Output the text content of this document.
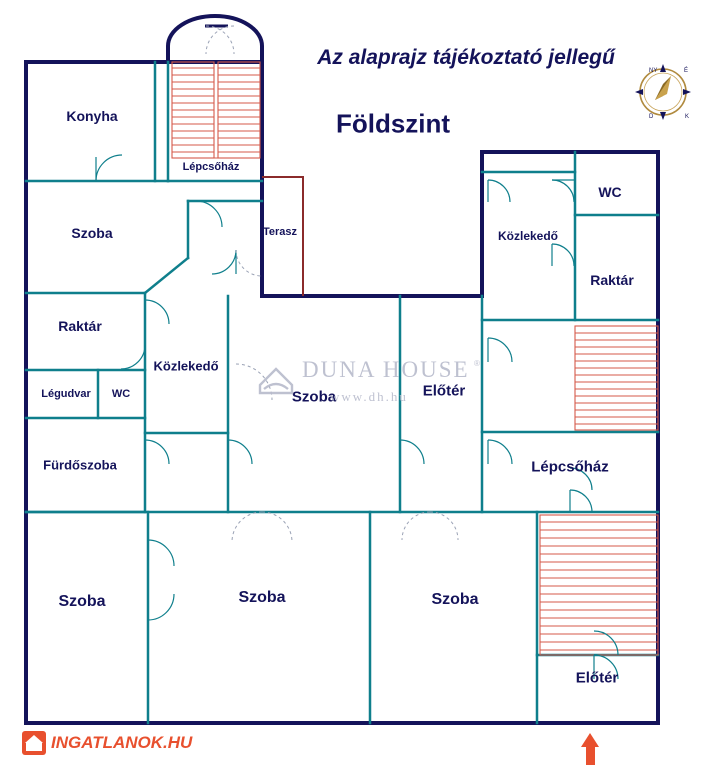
Az alaprajz tájékoztató jellegű
Földszint
Konyha
Lépcsőház
Szoba	Terasz
WC
Közlekedő
Raktár
Raktár
Közlekedő
Légudvar WC	Szoba	Előtér
Fürdőszoba	Lépcsőház
Szoba	Szoba	Szoba
Előtér
DUNA HOUSE ®
www.dh.hu
NY	É
K
D
INGATLANOK.HU
